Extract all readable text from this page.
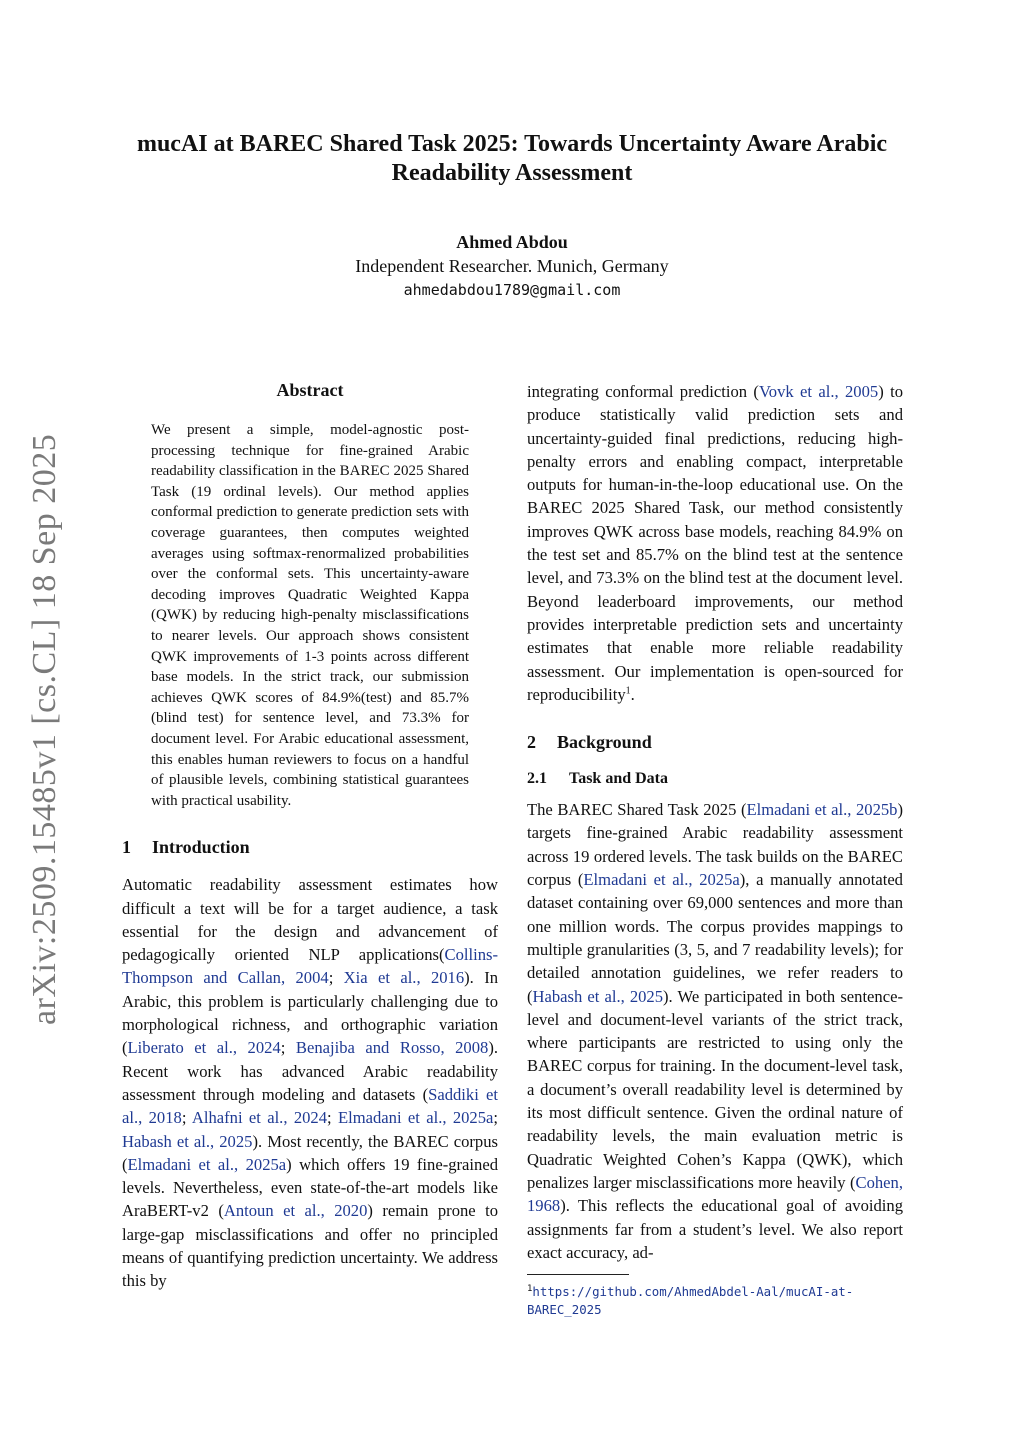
arXiv:2509.15485v1 [cs.CL] 18 Sep 2025
mucAI at BAREC Shared Task 2025: Towards Uncertainty Aware Arabic Readability Assessment
Ahmed Abdou
Independent Researcher. Munich, Germany
ahmedabdou1789@gmail.com
Abstract

We present a simple, model-agnostic post-processing technique for fine-grained Arabic readability classification in the BAREC 2025 Shared Task (19 ordinal levels). Our method applies conformal prediction to generate prediction sets with coverage guarantees, then computes weighted averages using softmax-renormalized probabilities over the conformal sets. This uncertainty-aware decoding improves Quadratic Weighted Kappa (QWK) by reducing high-penalty misclassifications to nearer levels. Our approach shows consistent QWK improvements of 1-3 points across different base models. In the strict track, our submission achieves QWK scores of 84.9%(test) and 85.7% (blind test) for sentence level, and 73.3% for document level. For Arabic educational assessment, this enables human reviewers to focus on a handful of plausible levels, combining statistical guarantees with practical usability.

1 Introduction

Automatic readability assessment estimates how difficult a text will be for a target audience, a task essential for the design and advancement of pedagogically oriented NLP applications(Collins-Thompson and Callan, 2004; Xia et al., 2016). In Arabic, this problem is particularly challenging due to morphological richness, and orthographic variation (Liberato et al., 2024; Benajiba and Rosso, 2008). Recent work has advanced Arabic readability assessment through modeling and datasets (Saddiki et al., 2018; Alhafni et al., 2024; Elmadani et al., 2025a; Habash et al., 2025). Most recently, the BAREC corpus (Elmadani et al., 2025a) which offers 19 fine-grained levels. Nevertheless, even state-of-the-art models like AraBERT-v2 (Antoun et al., 2020) remain prone to large-gap misclassifications and offer no principled means of quantifying prediction uncertainty. We address this by

integrating conformal prediction (Vovk et al., 2005) to produce statistically valid prediction sets and uncertainty-guided final predictions, reducing high-penalty errors and enabling compact, interpretable outputs for human-in-the-loop educational use. On the BAREC 2025 Shared Task, our method consistently improves QWK across base models, reaching 84.9% on the test set and 85.7% on the blind test at the sentence level, and 73.3% on the blind test at the document level. Beyond leaderboard improvements, our method provides interpretable prediction sets and uncertainty estimates that enable more reliable readability assessment. Our implementation is open-sourced for reproducibility$^1$.

2 Background
2.1 Task and Data

The BAREC Shared Task 2025 (Elmadani et al., 2025b) targets fine-grained Arabic readability assessment across 19 ordered levels. The task builds on the BAREC corpus (Elmadani et al., 2025a), a manually annotated dataset containing over 69,000 sentences and more than one million words. The corpus provides mappings to multiple granularities (3, 5, and 7 readability levels); for detailed annotation guidelines, we refer readers to (Habash et al., 2025). We participated in both sentence-level and document-level variants of the strict track, where participants are restricted to using only the BAREC corpus for training. In the document-level task, a document’s overall readability level is determined by its most difficult sentence. Given the ordinal nature of readability levels, the main evaluation metric is Quadratic Weighted Cohen’s Kappa (QWK), which penalizes larger misclassifications more heavily (Cohen, 1968). This reflects the educational goal of avoiding assignments far from a student’s level. We also report exact accuracy, ad-

$^1$https://github.com/AhmedAbdel-Aal/mucAI-at-BAREC_2025
